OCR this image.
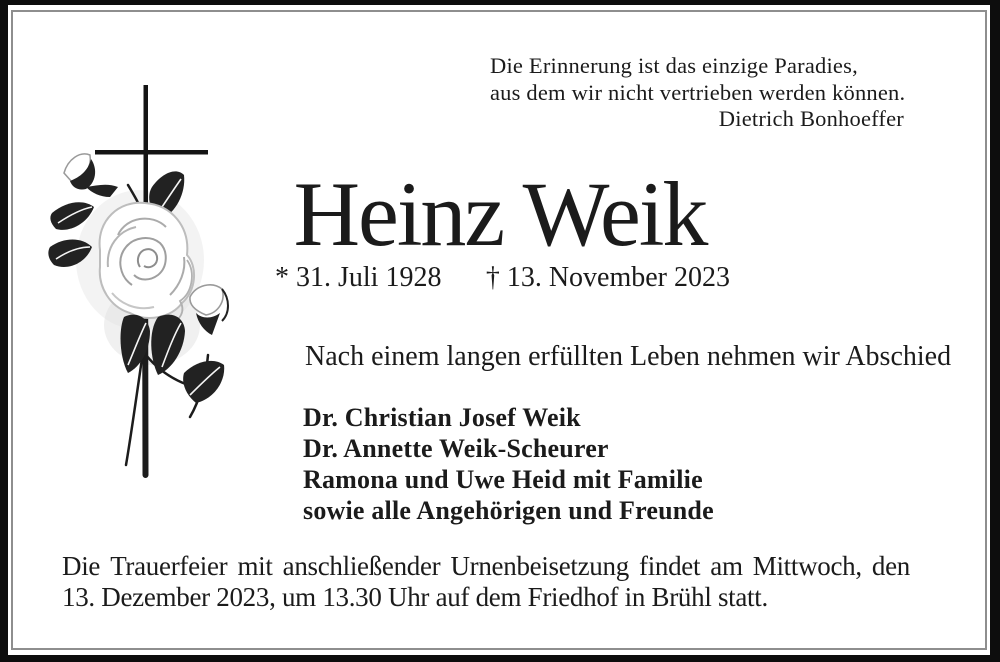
Die Erinnerung ist das einzige Paradies,
aus dem wir nicht vertrieben werden können.
Dietrich Bonhoeffer
Heinz Weik
* 31. Juli 1928 † 13. November 2023
Nach einem langen erfüllten Leben nehmen wir Abschied
Dr. Christian Josef Weik
Dr. Annette Weik-Scheurer
Ramona und Uwe Heid mit Familie
sowie alle Angehörigen und Freunde
Die Trauerfeier mit anschließender Urnenbeisetzung findet am Mittwoch, den
13. Dezember 2023, um 13.30 Uhr auf dem Friedhof in Brühl statt.
